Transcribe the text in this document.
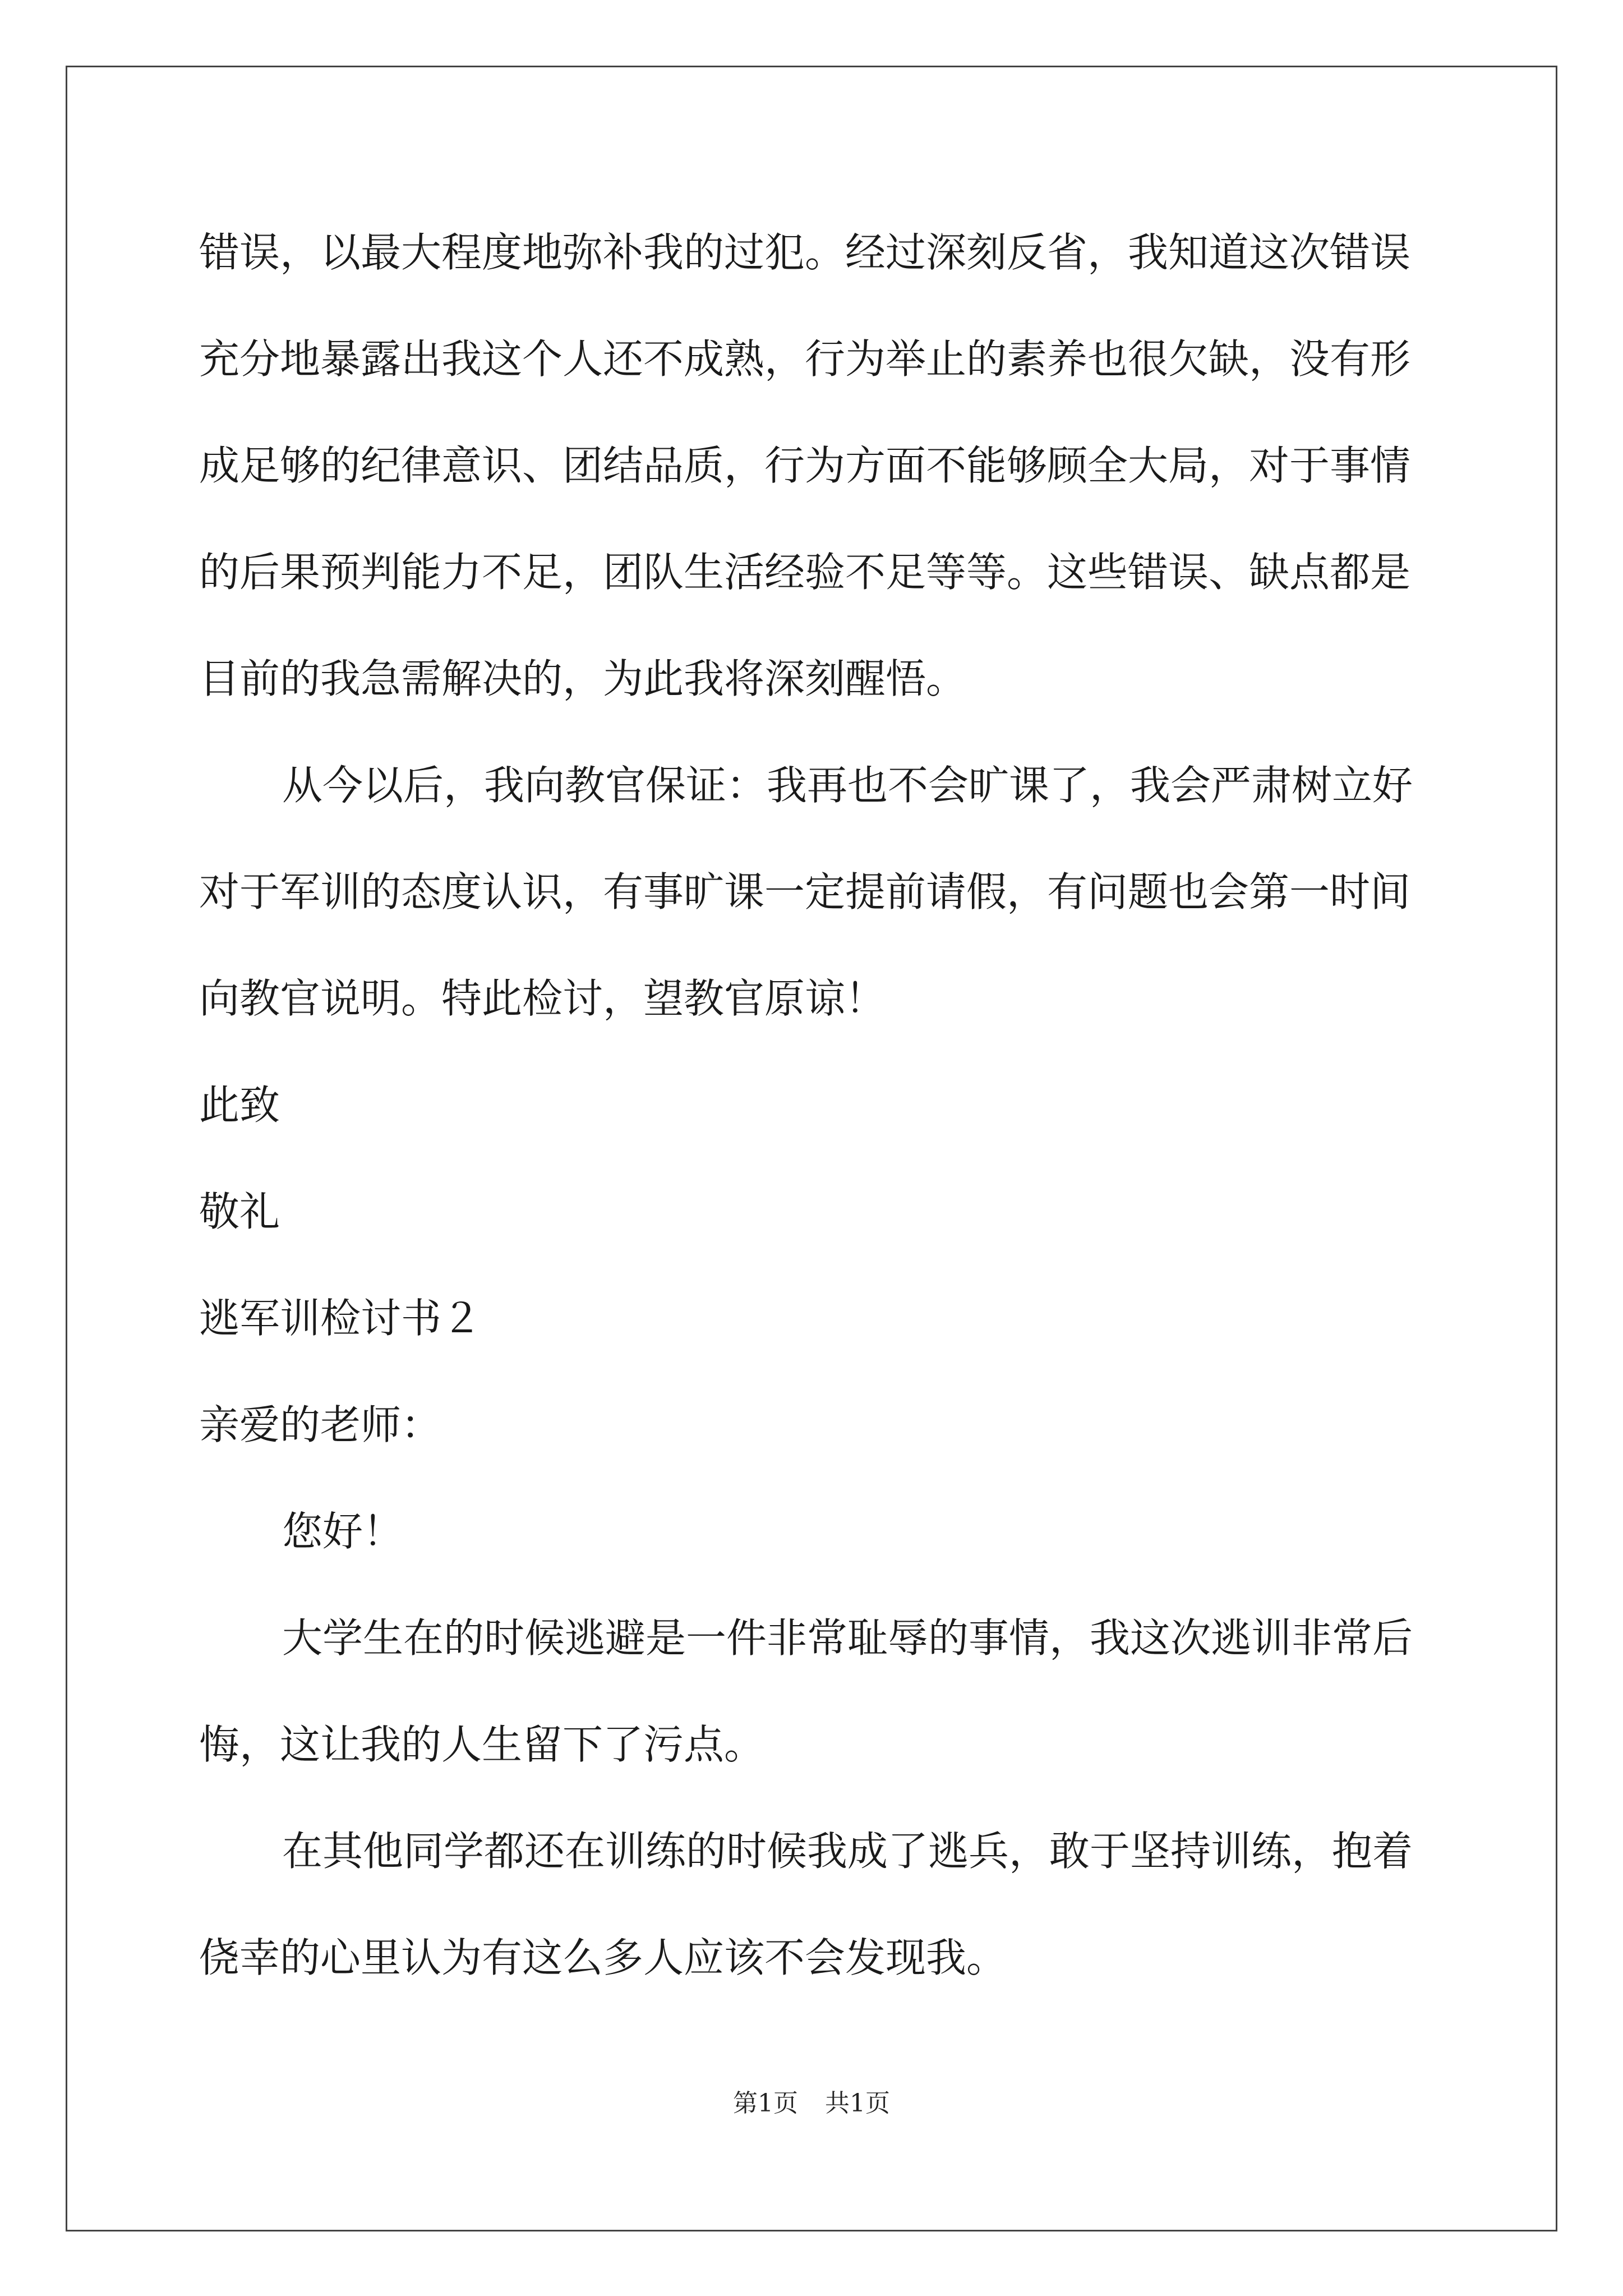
错误，以最大程度地弥补我的过犯。经过深刻反省，我知道这次错误
充分地暴露出我这个人还不成熟，行为举止的素养也很欠缺，没有形
成足够的纪律意识、团结品质，行为方面不能够顾全大局，对于事情
的后果预判能力不足，团队生活经验不足等等。这些错误、缺点都是
目前的我急需解决的，为此我将深刻醒悟。

从今以后，我向教官保证：我再也不会旷课了，我会严肃树立好
对于军训的态度认识，有事旷课一定提前请假，有问题也会第一时间
向教官说明。特此检讨，望教官原谅！

此致

敬礼

逃军训检讨书２

亲爱的老师：

您好！

大学生在的时候逃避是一件非常耻辱的事情，我这次逃训非常后
悔，这让我的人生留下了污点。

在其他同学都还在训练的时候我成了逃兵，敢于坚持训练，抱着
侥幸的心里认为有这么多人应该不会发现我。

第1页 共1页
